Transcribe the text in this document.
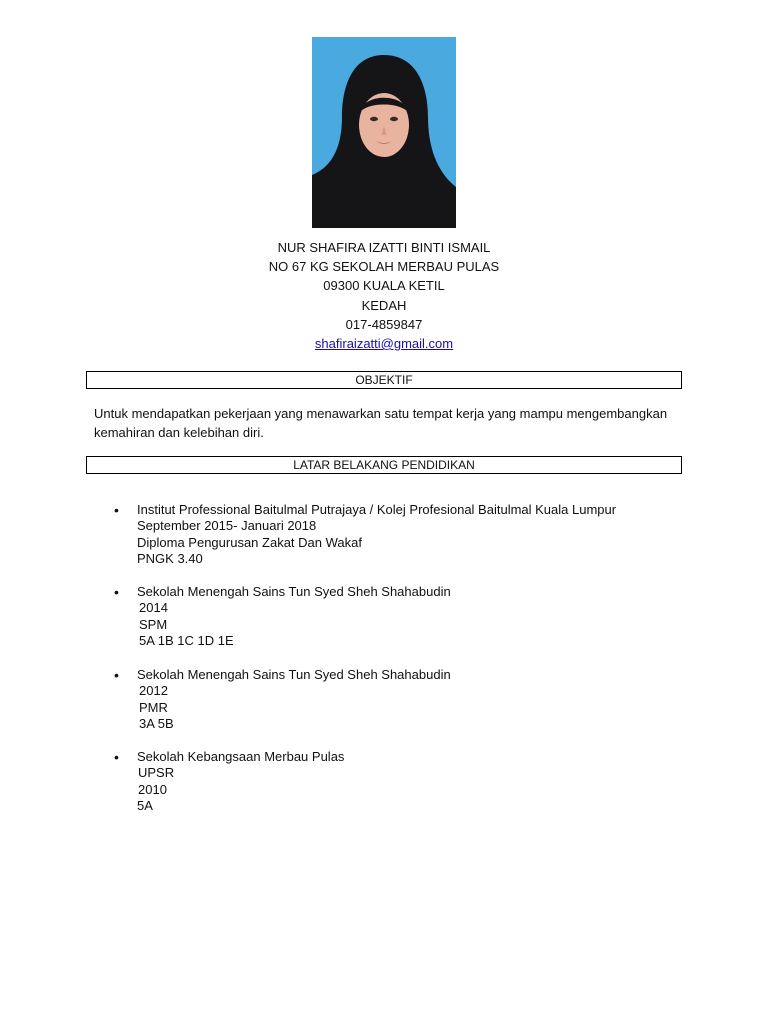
NUR SHAFIRA IZATTI BINTI ISMAIL
NO 67 KG SEKOLAH MERBAU PULAS
09300 KUALA KETIL
KEDAH
017-4859847
shafiraizatti@gmail.com
OBJEKTIF
Untuk mendapatkan pekerjaan yang menawarkan satu tempat kerja yang mampu mengembangkan kemahiran dan kelebihan diri.
LATAR BELAKANG PENDIDIKAN
• Institut Professional Baitulmal Putrajaya / Kolej Profesional Baitulmal Kuala Lumpur
September 2015- Januari 2018
Diploma Pengurusan Zakat Dan Wakaf
PNGK 3.40
• Sekolah Menengah Sains Tun Syed Sheh Shahabudin
2014
SPM
5A 1B 1C 1D 1E
• Sekolah Menengah Sains Tun Syed Sheh Shahabudin
2012
PMR
3A 5B
• Sekolah Kebangsaan Merbau Pulas
UPSR
2010
5A
